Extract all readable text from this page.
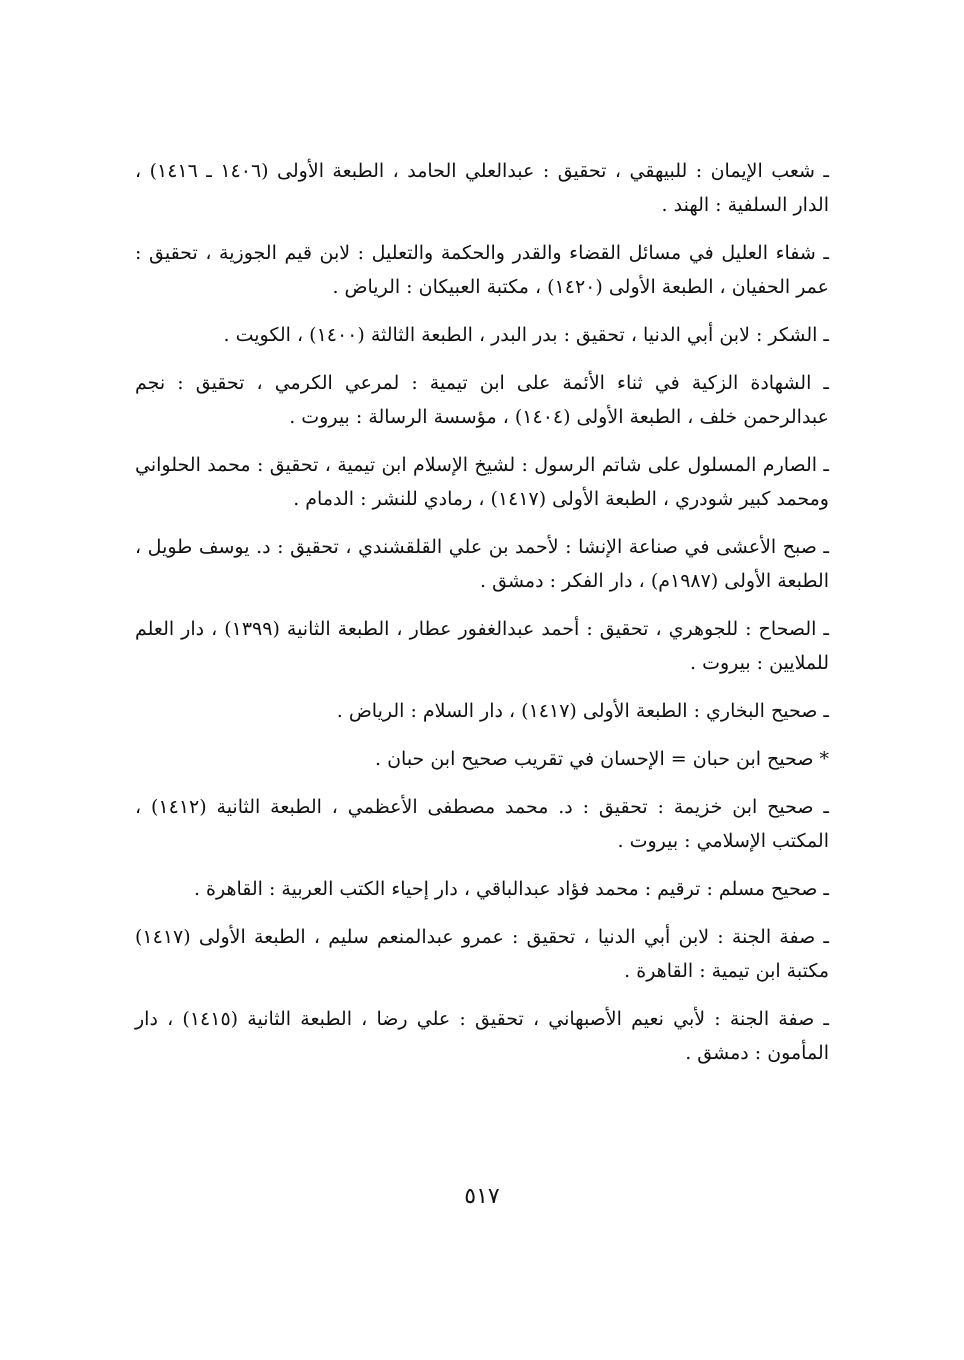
ـ شعب الإيمان : للبيهقي ، تحقيق : عبدالعلي الحامد ، الطبعة الأولى (١٤٠٦ ـ ١٤١٦) ، الدار السلفية : الهند .

ـ شفاء العليل في مسائل القضاء والقدر والحكمة والتعليل : لابن قيم الجوزية ، تحقيق : عمر الحفيان ، الطبعة الأولى (١٤٢٠) ، مكتبة العبيكان : الرياض .

ـ الشكر : لابن أبي الدنيا ، تحقيق : بدر البدر ، الطبعة الثالثة (١٤٠٠) ، الكويت .

ـ الشهادة الزكية في ثناء الأئمة على ابن تيمية : لمرعي الكرمي ، تحقيق : نجم عبدالرحمن خلف ، الطبعة الأولى (١٤٠٤) ، مؤسسة الرسالة : بيروت .

ـ الصارم المسلول على شاتم الرسول : لشيخ الإسلام ابن تيمية ، تحقيق : محمد الحلواني ومحمد كبير شودري ، الطبعة الأولى (١٤١٧) ، رمادي للنشر : الدمام .

ـ صبح الأعشى في صناعة الإنشا : لأحمد بن علي القلقشندي ، تحقيق : د. يوسف طويل ، الطبعة الأولى (١٩٨٧م) ، دار الفكر : دمشق .

ـ الصحاح : للجوهري ، تحقيق : أحمد عبدالغفور عطار ، الطبعة الثانية (١٣٩٩) ، دار العلم للملايين : بيروت .

ـ صحيح البخاري : الطبعة الأولى (١٤١٧) ، دار السلام : الرياض .

* صحيح ابن حبان = الإحسان في تقريب صحيح ابن حبان .

ـ صحيح ابن خزيمة : تحقيق : د. محمد مصطفى الأعظمي ، الطبعة الثانية (١٤١٢) ، المكتب الإسلامي : بيروت .

ـ صحيح مسلم : ترقيم : محمد فؤاد عبدالباقي ، دار إحياء الكتب العربية : القاهرة .

ـ صفة الجنة : لابن أبي الدنيا ، تحقيق : عمرو عبدالمنعم سليم ، الطبعة الأولى (١٤١٧) مكتبة ابن تيمية : القاهرة .

ـ صفة الجنة : لأبي نعيم الأصبهاني ، تحقيق : علي رضا ، الطبعة الثانية (١٤١٥) ، دار المأمون : دمشق .

٥١٧
